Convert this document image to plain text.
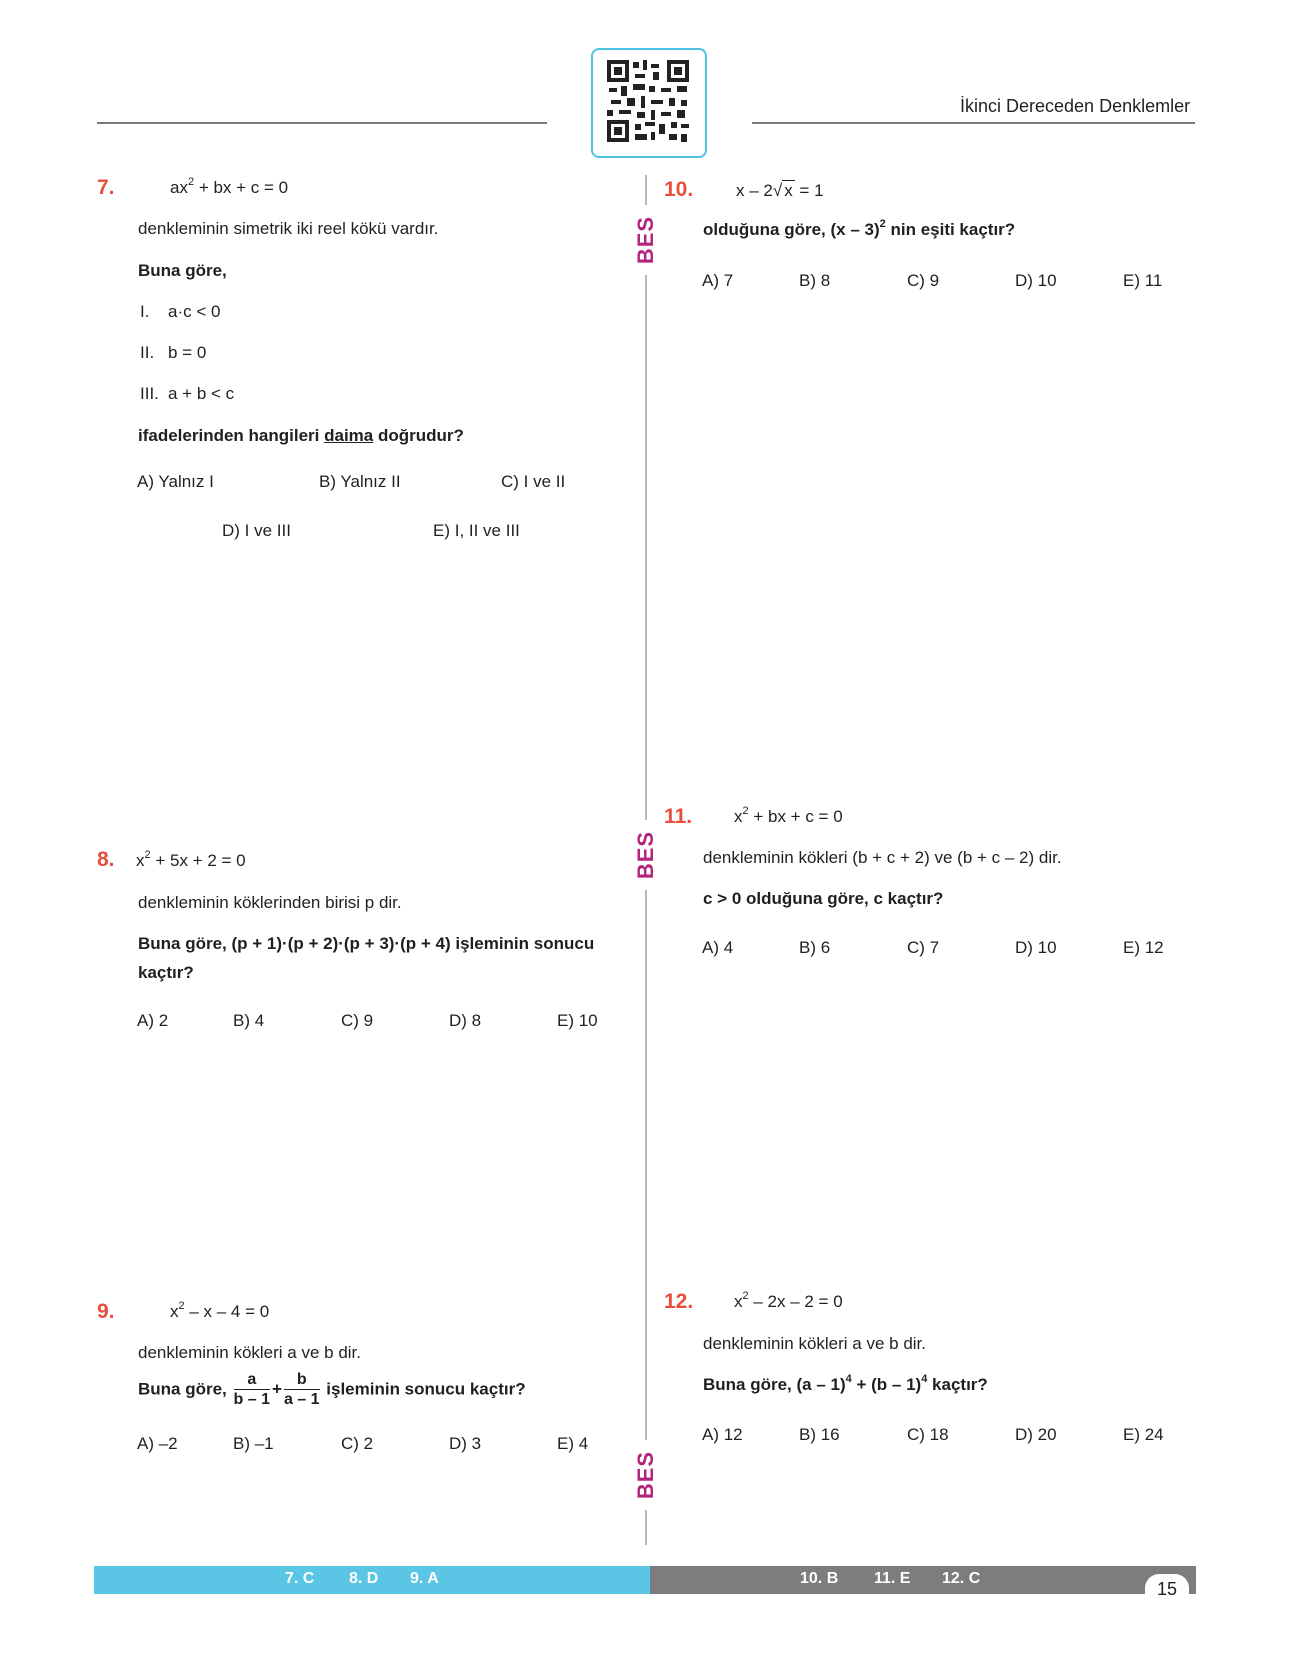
İkinci Dereceden Denklemler
BES
BES
BES
7.	$ax^2$ + bx + c = 0
denkleminin simetrik iki reel kökü vardır.
Buna göre,
I. a·c < 0
II. b = 0
III. a + b < c
ifadelerinden hangileri daima doğrudur?
A) Yalnız I	B) Yalnız II	C) I ve II
D) I ve III	E) I, II ve III
8. $x^2 + 5x + 2 = 0$
denkleminin köklerinden birisi p dir.
Buna göre, (p + 1)·(p + 2)·(p + 3)·(p + 4) işleminin sonucu
kaçtır?
A) 2	B) 4	C) 9	D) 8	E) 10
9.	$x^2 - x - 4 = 0$
denkleminin kökleri a ve b dir.
Buna göre, $\frac{a}{b - 1} + \frac{b}{a - 1}$ işleminin sonucu kaçtır?
A) –2	B) –1	C) 2	D) 3	E) 4
10.	x – 2√ x = 1
olduğuna göre, (x – 3)$^2$ nin eşiti kaçtır?
A) 7	B) 8	C) 9	D) 10	E) 11
11. $x^2$ + bx + c = 0
denkleminin kökleri (b + c + 2) ve (b + c – 2) dir.
c > 0 olduğuna göre, c kaçtır?
A) 4	B) 6	C) 7	D) 10	E) 12
12. $x^2 - 2x - 2 = 0$
denkleminin kökleri a ve b dir.
Buna göre, (a – 1)$^4$ + (b – 1)$^4$ kaçtır?
A) 12	B) 16	C) 18	D) 20	E) 24
7. C 8. D 9. A	10. B 11. E 12. C
15
